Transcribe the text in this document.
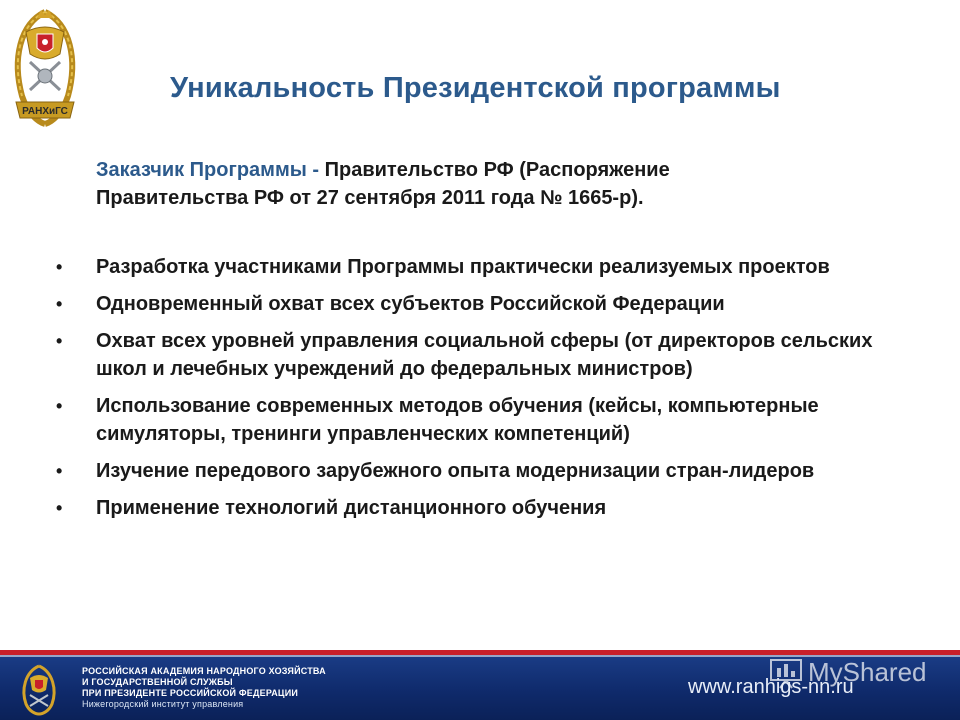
РАНХиГС
Уникальность Президентской программы
Заказчик Программы - Правительство РФ (Распоряжение
Правительства РФ от 27 сентября 2011 года № 1665-р).
• Разработка участниками Программы практически реализуемых проектов
• Одновременный охват всех субъектов Российской Федерации
• Охват всех уровней управления социальной сферы (от директоров сельских школ и лечебных учреждений до федеральных министров)
• Использование современных методов обучения (кейсы, компьютерные симуляторы, тренинги управленческих компетенций)
• Изучение передового зарубежного опыта модернизации стран-лидеров
• Применение технологий дистанционного обучения
РОССИЙСКАЯ АКАДЕМИЯ НАРОДНОГО ХОЗЯЙСТВА
И ГОСУДАРСТВЕННОЙ СЛУЖБЫ
ПРИ ПРЕЗИДЕНТЕ РОССИЙСКОЙ ФЕДЕРАЦИИ
Нижегородский институт управления
MyShared
www.ranhigs-nn.ru
